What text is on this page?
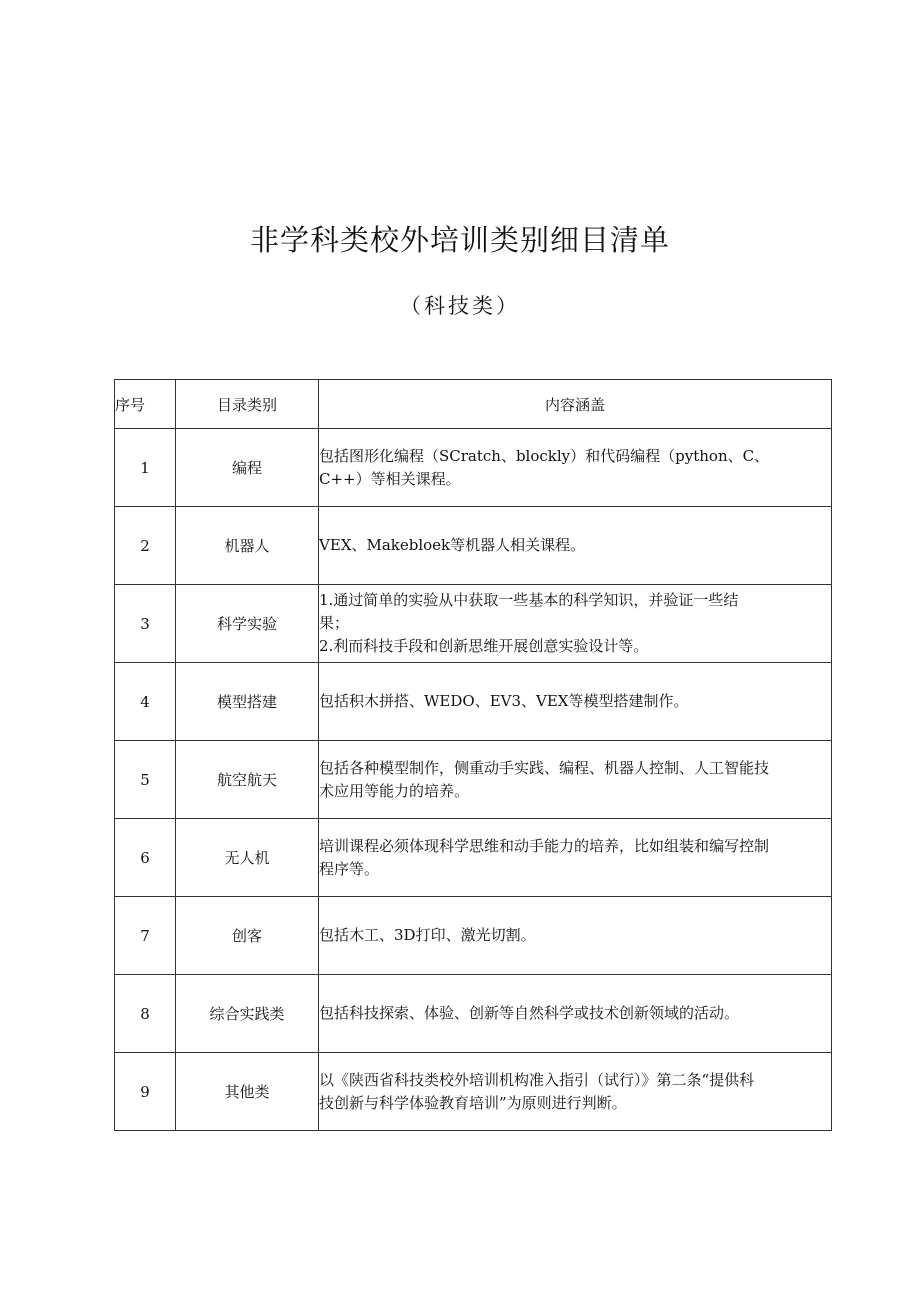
非学科类校外培训类别细目清单
（科技类）
序号	目录类别	内容涵盖
1	编程	包括图形化编程（SCratch、blockly）和代码编程（python、C、
C++）等相关课程。

2	机器人	VEX、Makebloek等机器人相关课程。

3	科学实验	1.通过简单的实验从中获取一些基本的科学知识，并验证一些结
果；
2.利而科技手段和创新思维开展创意实验设计等。

4	模型搭建	包括积木拼搭、WEDO、EV3、VEX等模型搭建制作。

5	航空航天	包括各种模型制作，侧重动手实践、编程、机器人控制、人工智能技
术应用等能力的培养。

6	无人机	培训课程必须体现科学思维和动手能力的培养，比如组装和编写控制
程序等。

7	创客	包括木工、3D打印、激光切割。

8	综合实践类	包括科技探索、体验、创新等自然科学或技术创新领域的活动。

9	其他类	以《陕西省科技类校外培训机构准入指引（试行）》第二条“提供科
技创新与科学体验教育培训”为原则进行判断。
